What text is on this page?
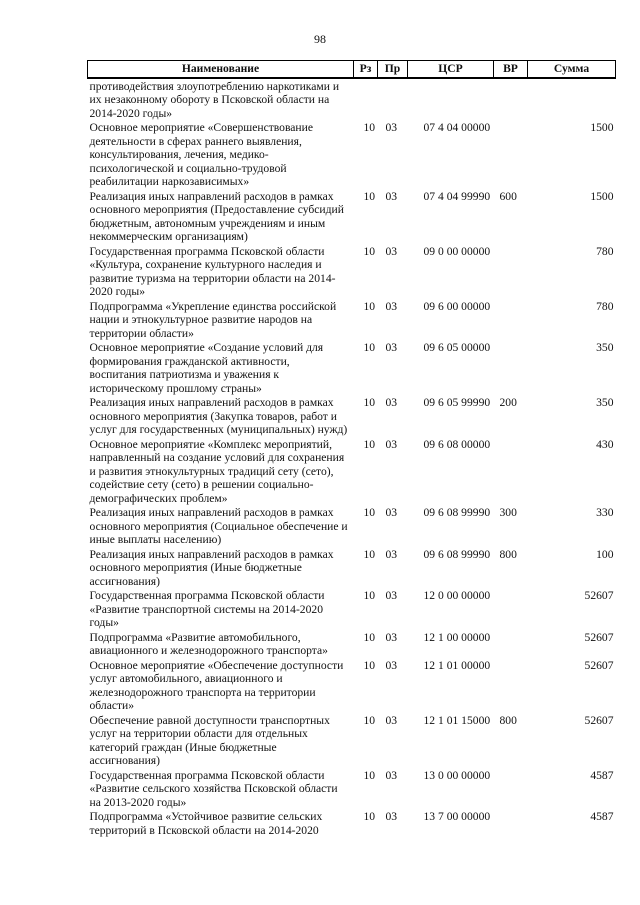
98
Наименование	Рз	Пр	ЦСР	ВР	Сумма
противодействия злоупотреблению наркотиками и их незаконному обороту в Псковской области на 2014-2020 годы»					
Основное мероприятие «Совершенствование деятельности в сферах раннего выявления, консультирования, лечения, медико-психологической и социально-трудовой реабилитации наркозависимых»	10	03	07 4 04 00000		1500
Реализация иных направлений расходов в рамках основного мероприятия (Предоставление субсидий бюджетным, автономным учреждениям и иным некоммерческим организациям)	10	03	07 4 04 99990	600	1500
Государственная программа Псковской области «Культура, сохранение культурного наследия и развитие туризма на территории области на 2014-2020 годы»	10	03	09 0 00 00000		780
Подпрограмма «Укрепление единства российской нации и этнокультурное развитие народов на территории области»	10	03	09 6 00 00000		780
Основное мероприятие «Создание условий для формирования гражданской активности, воспитания патриотизма и уважения к историческому прошлому страны»	10	03	09 6 05 00000		350
Реализация иных направлений расходов в рамках основного мероприятия (Закупка товаров, работ и услуг для государственных (муниципальных) нужд)	10	03	09 6 05 99990	200	350
Основное мероприятие «Комплекс мероприятий, направленный на создание условий для сохранения и развития этнокультурных традиций сету (сето), содействие сету (сето) в решении социально-демографических проблем»	10	03	09 6 08 00000		430
Реализация иных направлений расходов в рамках основного мероприятия (Социальное обеспечение и иные выплаты населению)	10	03	09 6 08 99990	300	330
Реализация иных направлений расходов в рамках основного мероприятия (Иные бюджетные ассигнования)	10	03	09 6 08 99990	800	100
Государственная программа Псковской области «Развитие транспортной системы на 2014-2020 годы»	10	03	12 0 00 00000		52607
Подпрограмма «Развитие автомобильного, авиационного и железнодорожного транспорта»	10	03	12 1 00 00000		52607
Основное мероприятие «Обеспечение доступности услуг автомобильного, авиационного и железнодорожного транспорта на территории области»	10	03	12 1 01 00000		52607
Обеспечение равной доступности транспортных услуг на территории области для отдельных категорий граждан (Иные бюджетные ассигнования)	10	03	12 1 01 15000	800	52607
Государственная программа Псковской области «Развитие сельского хозяйства Псковской области на 2013-2020 годы»	10	03	13 0 00 00000		4587
Подпрограмма «Устойчивое развитие сельских территорий в Псковской области на 2014-2020	10	03	13 7 00 00000		4587
